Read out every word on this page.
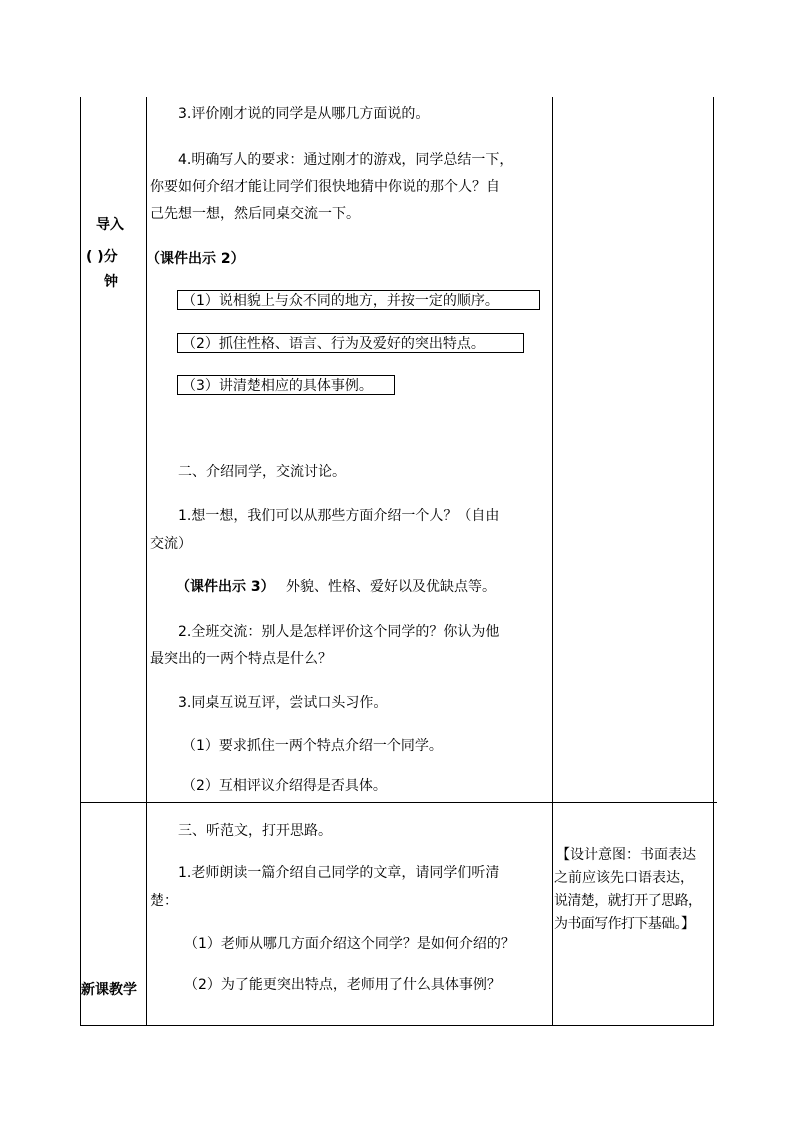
导入
( )分
钟
新课教学
3.评价刚才说的同学是从哪几方面说的。
4.明确写人的要求：通过刚才的游戏，同学总结一下，
你要如何介绍才能让同学们很快地猜中你说的那个人？自
己先想一想，然后同桌交流一下。
（课件出示 2）
（1）说相貌上与众不同的地方，并按一定的顺序。
（2）抓住性格、语言、行为及爱好的突出特点。
（3）讲清楚相应的具体事例。
二、介绍同学，交流讨论。
1.想一想，我们可以从那些方面介绍一个人？（自由
交流）
（课件出示 3） 外貌、性格、爱好以及优缺点等。
2.全班交流：别人是怎样评价这个同学的？你认为他
最突出的一两个特点是什么？
3.同桌互说互评，尝试口头习作。
（1）要求抓住一两个特点介绍一个同学。
（2）互相评议介绍得是否具体。
三、听范文，打开思路。
1.老师朗读一篇介绍自己同学的文章，请同学们听清
楚：
（1）老师从哪几方面介绍这个同学？是如何介绍的？
（2）为了能更突出特点，老师用了什么具体事例？
【设计意图：书面表达
之前应该先口语表达，
说清楚，就打开了思路，
为书面写作打下基础。】
